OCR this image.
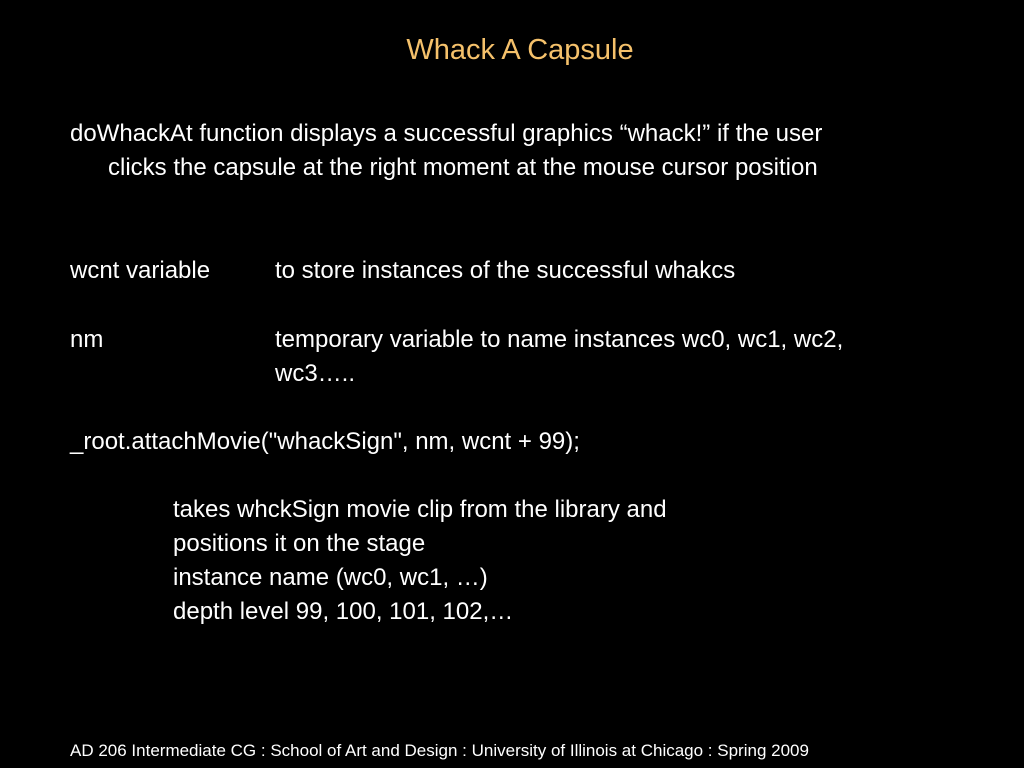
Whack A Capsule
doWhackAt function displays a successful graphics “whack!” if the user
clicks the capsule at the right moment at the mouse cursor position
wcnt variable	to store instances of the successful whakcs
nm	temporary variable to name instances wc0, wc1, wc2,
wc3…..
_root.attachMovie("whackSign", nm, wcnt + 99);
takes whckSign movie clip from the library and
positions it on the stage
instance name (wc0, wc1, …)
depth level 99, 100, 101, 102,…
AD 206 Intermediate CG : School of Art and Design : University of Illinois at Chicago : Spring 2009
